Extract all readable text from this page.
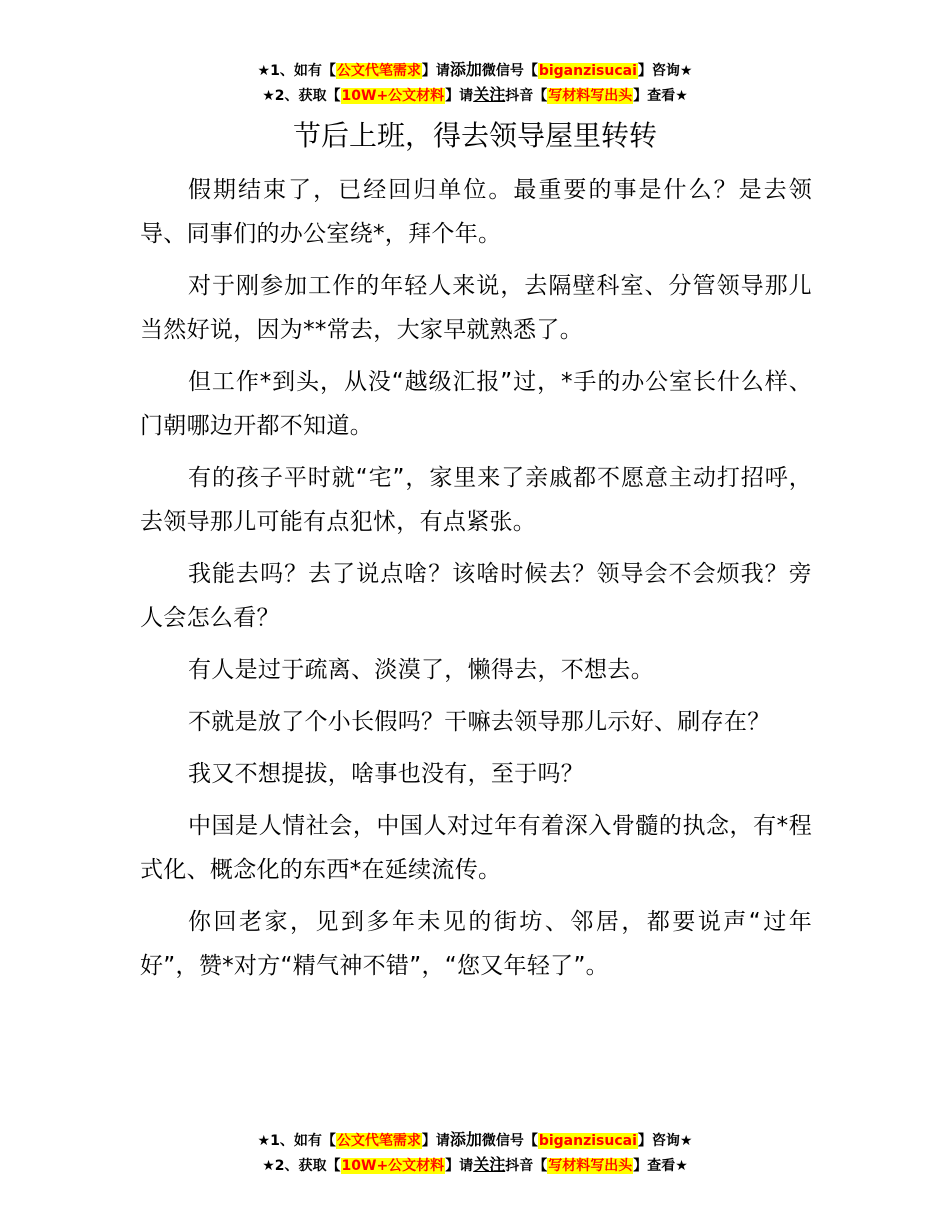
★1、如有【公文代笔需求】请添加微信号【biganzisucai】咨询★
★2、获取【10W+公文材料】请关注抖音【写材料写出头】查看★
节后上班，得去领导屋里转转

假期结束了，已经回归单位。最重要的事是什么？是去领导、同事们的办公室绕*，拜个年。

对于刚参加工作的年轻人来说，去隔壁科室、分管领导那儿当然好说，因为**常去，大家早就熟悉了。

但工作*到头，从没“越级汇报”过，*手的办公室长什么样、门朝哪边开都不知道。

有的孩子平时就“宅”，家里来了亲戚都不愿意主动打招呼，去领导那儿可能有点犯怵，有点紧张。

我能去吗？去了说点啥？该啥时候去？领导会不会烦我？旁人会怎么看？

有人是过于疏离、淡漠了，懒得去，不想去。

不就是放了个小长假吗？干嘛去领导那儿示好、刷存在？

我又不想提拔，啥事也没有，至于吗？

中国是人情社会，中国人对过年有着深入骨髓的执念，有*程式化、概念化的东西*在延续流传。

你回老家，见到多年未见的街坊、邻居，都要说声“过年好”，赞*对方“精气神不错”，“您又年轻了”。

★1、如有【公文代笔需求】请添加微信号【biganzisucai】咨询★
★2、获取【10W+公文材料】请关注抖音【写材料写出头】查看★
